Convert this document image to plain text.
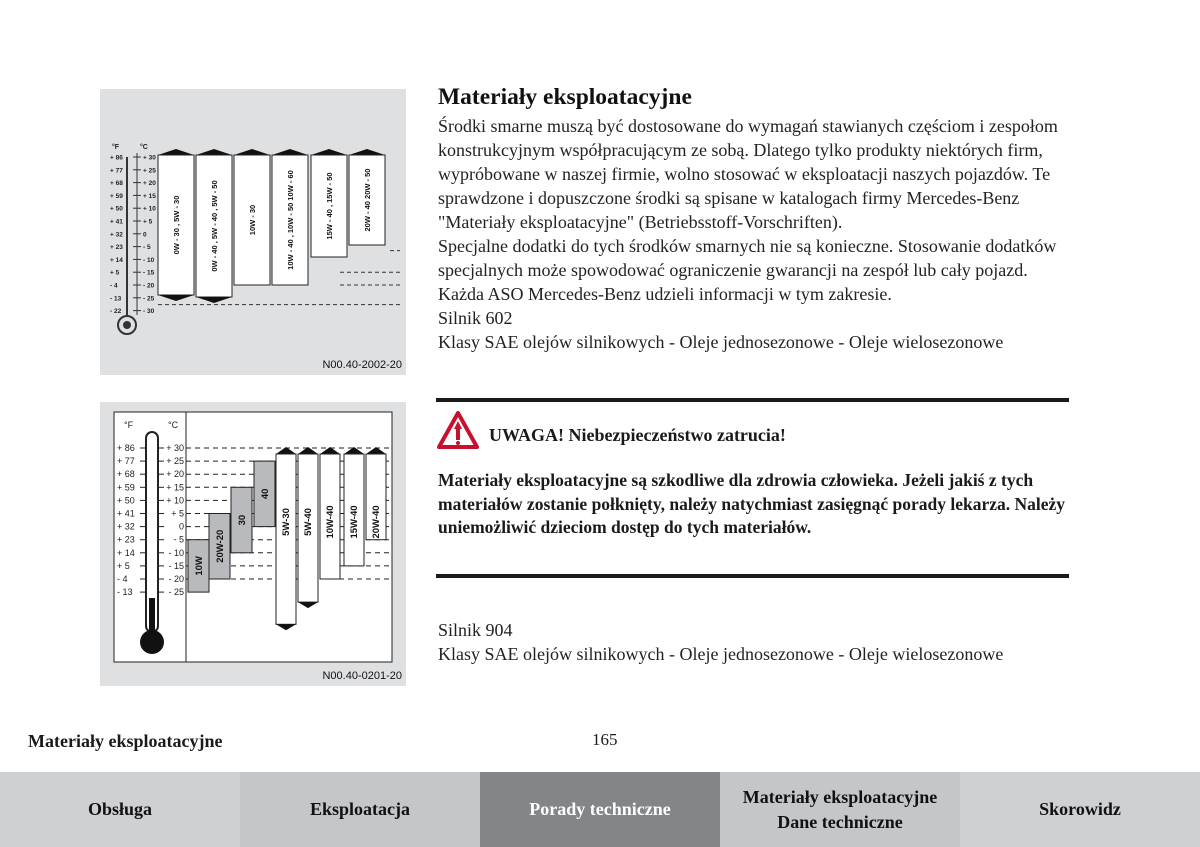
°F	°C
+ 86
+ 77
+ 68
+ 59
+ 50
+ 41
+ 32
+ 23
+ 14
+ 5
- 4
- 13
- 22
+ 30
+ 25
+ 20
+ 15
+ 10
+ 5
0
- 5
- 10
- 15
- 20
- 25
- 30
0W - 30 , 5W - 30	0W - 40 , 5W - 40 , 5W - 50	10W - 30	10W - 40 , 10W - 50 10W - 60	15W - 40 , 15W - 50	20W - 40 20W - 50
N00.40-2002-20
°F	°C
+ 86
+ 77
+ 68
+ 59
+ 50
+ 41
+ 32
+ 23
+ 14
+ 5
- 4
- 13
+ 30
+ 25
+ 20
+ 15
+ 10
+ 5
0
- 5
- 10
- 15
- 20
- 25
10W
20W-20
30
40
5W-30 5W-40 10W-40 15W-40 20W-40
N00.40-0201-20
Materiały eksploatacyjne

Środki smarne muszą być dostosowane do wymagań stawianych częściom i zespołom konstrukcyjnym współpracującym ze sobą. Dlatego tylko produkty niektórych firm, wypróbowane w naszej firmie, wolno stosować w eksploatacji naszych pojazdów. Te sprawdzone i dopuszczone środki są spisane w katalogach firmy Mercedes-Benz "Materiały eksploatacyjne" (Betriebsstoff-Vorschriften).

Specjalne dodatki do tych środków smarnych nie są konieczne. Stosowanie dodatków specjalnych może spowodować ograniczenie gwarancji na zespół lub cały pojazd. Każda ASO Mercedes-Benz udzieli informacji w tym zakresie.

Silnik 602

Klasy SAE olejów silnikowych - Oleje jednosezonowe - Oleje wielosezonowe

UWAGA! Niebezpieczeństwo zatrucia!

Materiały eksploatacyjne są szkodliwe dla zdrowia człowieka. Jeżeli jakiś z tych materiałów zostanie połknięty, należy natychmiast zasięgnąć porady lekarza. Należy uniemożliwić dzieciom dostęp do tych materiałów.

Silnik 904

Klasy SAE olejów silnikowych - Oleje jednosezonowe - Oleje wielosezonowe

Materiały eksploatacyjne	165
Obsługa	Eksploatacja	Porady techniczne
Materiały eksploatacyjne
Dane techniczne
Skorowidz
